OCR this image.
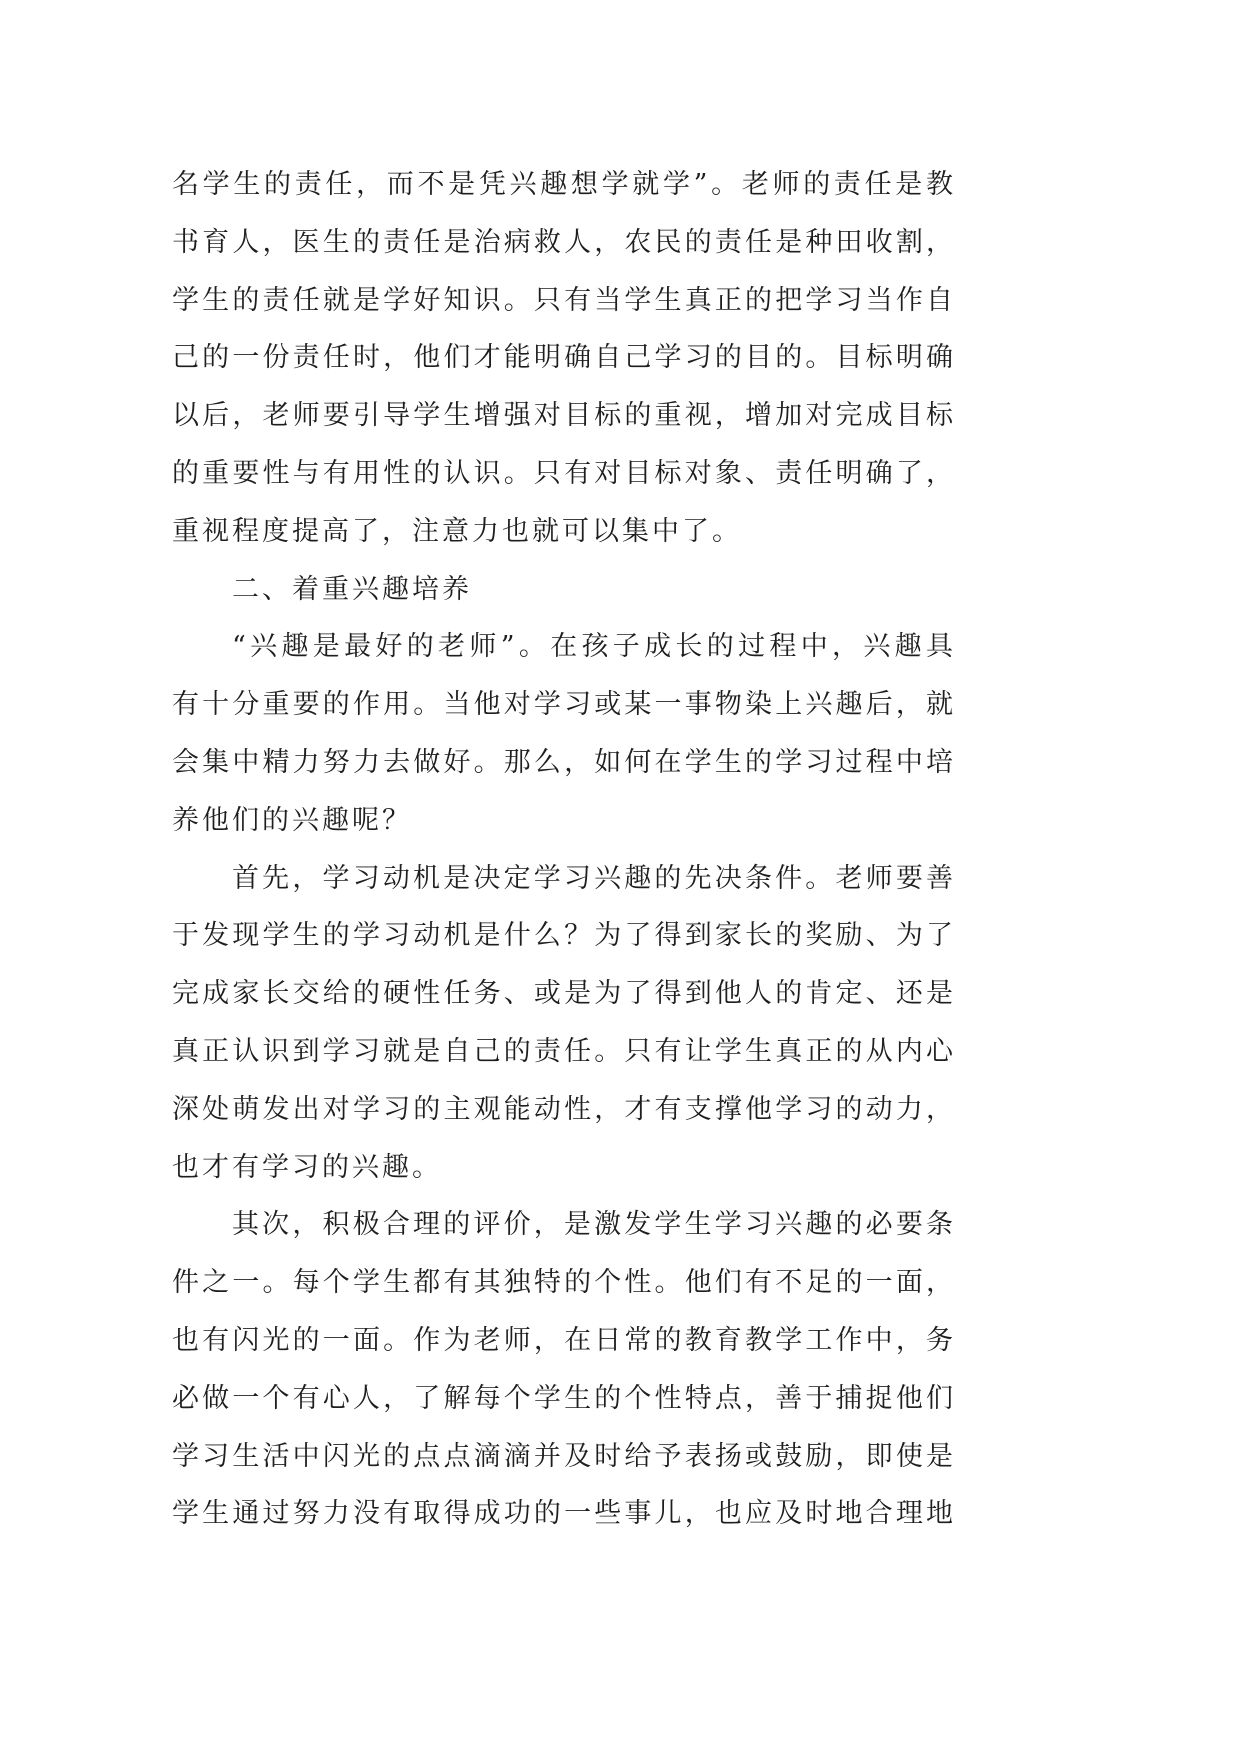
名学生的责任，而不是凭兴趣想学就学”。老师的责任是教
书育人，医生的责任是治病救人，农民的责任是种田收割，
学生的责任就是学好知识。只有当学生真正的把学习当作自
己的一份责任时，他们才能明确自己学习的目的。目标明确
以后，老师要引导学生增强对目标的重视，增加对完成目标
的重要性与有用性的认识。只有对目标对象、责任明确了，
重视程度提高了，注意力也就可以集中了。
二、着重兴趣培养
“兴趣是最好的老师”。在孩子成长的过程中，兴趣具
有十分重要的作用。当他对学习或某一事物染上兴趣后，就
会集中精力努力去做好。那么，如何在学生的学习过程中培
养他们的兴趣呢？
首先，学习动机是决定学习兴趣的先决条件。老师要善
于发现学生的学习动机是什么？为了得到家长的奖励、为了
完成家长交给的硬性任务、或是为了得到他人的肯定、还是
真正认识到学习就是自己的责任。只有让学生真正的从内心
深处萌发出对学习的主观能动性，才有支撑他学习的动力，
也才有学习的兴趣。
其次，积极合理的评价，是激发学生学习兴趣的必要条
件之一。每个学生都有其独特的个性。他们有不足的一面，
也有闪光的一面。作为老师，在日常的教育教学工作中，务
必做一个有心人，了解每个学生的个性特点，善于捕捉他们
学习生活中闪光的点点滴滴并及时给予表扬或鼓励，即使是
学生通过努力没有取得成功的一些事儿，也应及时地合理地
